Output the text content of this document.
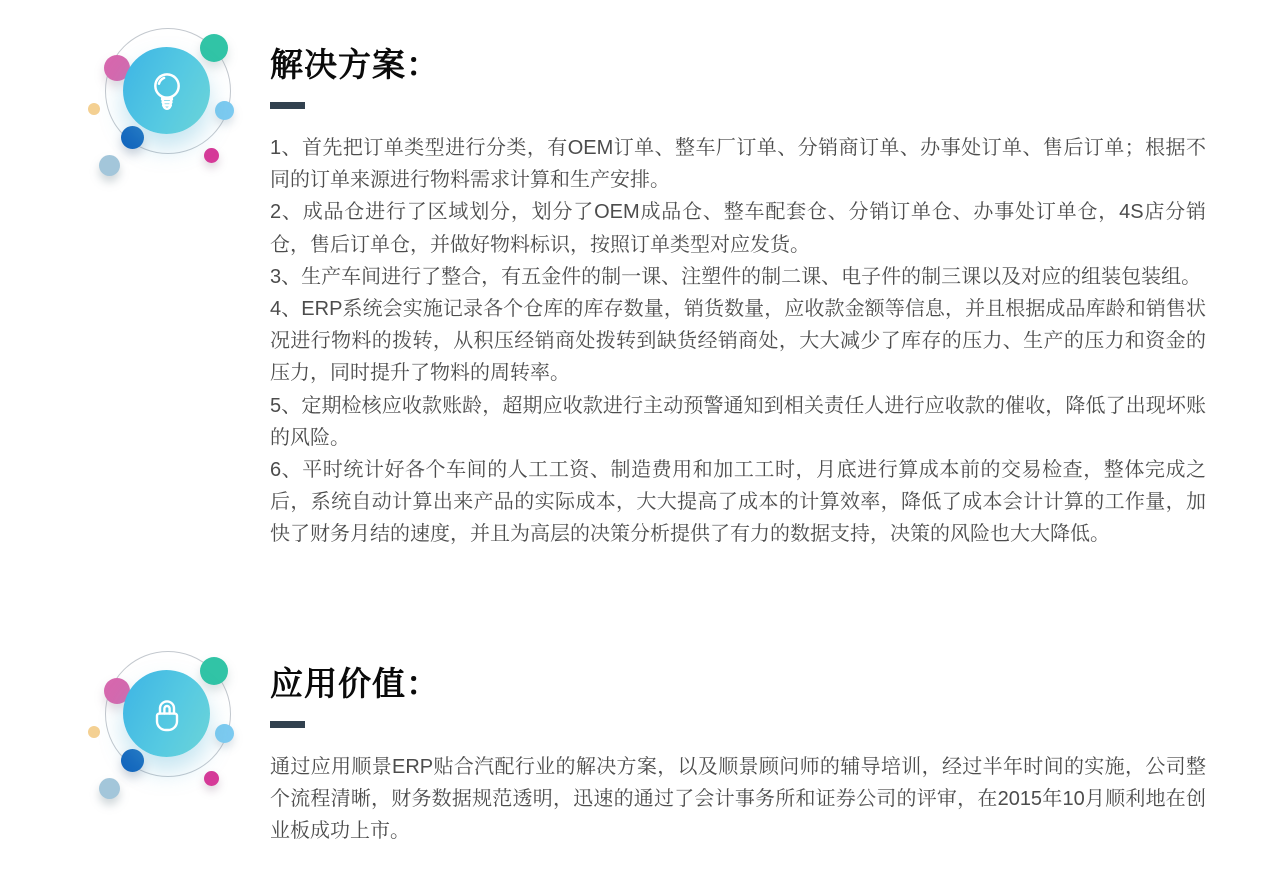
解决方案：

1、首先把订单类型进行分类，有OEM订单、整车厂订单、分销商订单、办事处订单、售后订单；根据不同的订单来源进行物料需求计算和生产安排。

2、成品仓进行了区域划分，划分了OEM成品仓、整车配套仓、分销订单仓、办事处订单仓，4S店分销仓，售后订单仓，并做好物料标识，按照订单类型对应发货。

3、生产车间进行了整合，有五金件的制一课、注塑件的制二课、电子件的制三课以及对应的组装包装组。

4、ERP系统会实施记录各个仓库的库存数量，销货数量，应收款金额等信息，并且根据成品库龄和销售状况进行物料的拨转，从积压经销商处拨转到缺货经销商处，大大减少了库存的压力、生产的压力和资金的压力，同时提升了物料的周转率。

5、定期检核应收款账龄，超期应收款进行主动预警通知到相关责任人进行应收款的催收，降低了出现坏账的风险。

6、平时统计好各个车间的人工工资、制造费用和加工工时，月底进行算成本前的交易检查，整体完成之后，系统自动计算出来产品的实际成本，大大提高了成本的计算效率，降低了成本会计计算的工作量，加快了财务月结的速度，并且为高层的决策分析提供了有力的数据支持，决策的风险也大大降低。

应用价值：

通过应用顺景ERP贴合汽配行业的解决方案，以及顺景顾问师的辅导培训，经过半年时间的实施，公司整个流程清晰，财务数据规范透明，迅速的通过了会计事务所和证券公司的评审，在2015年10月顺利地在创业板成功上市。
